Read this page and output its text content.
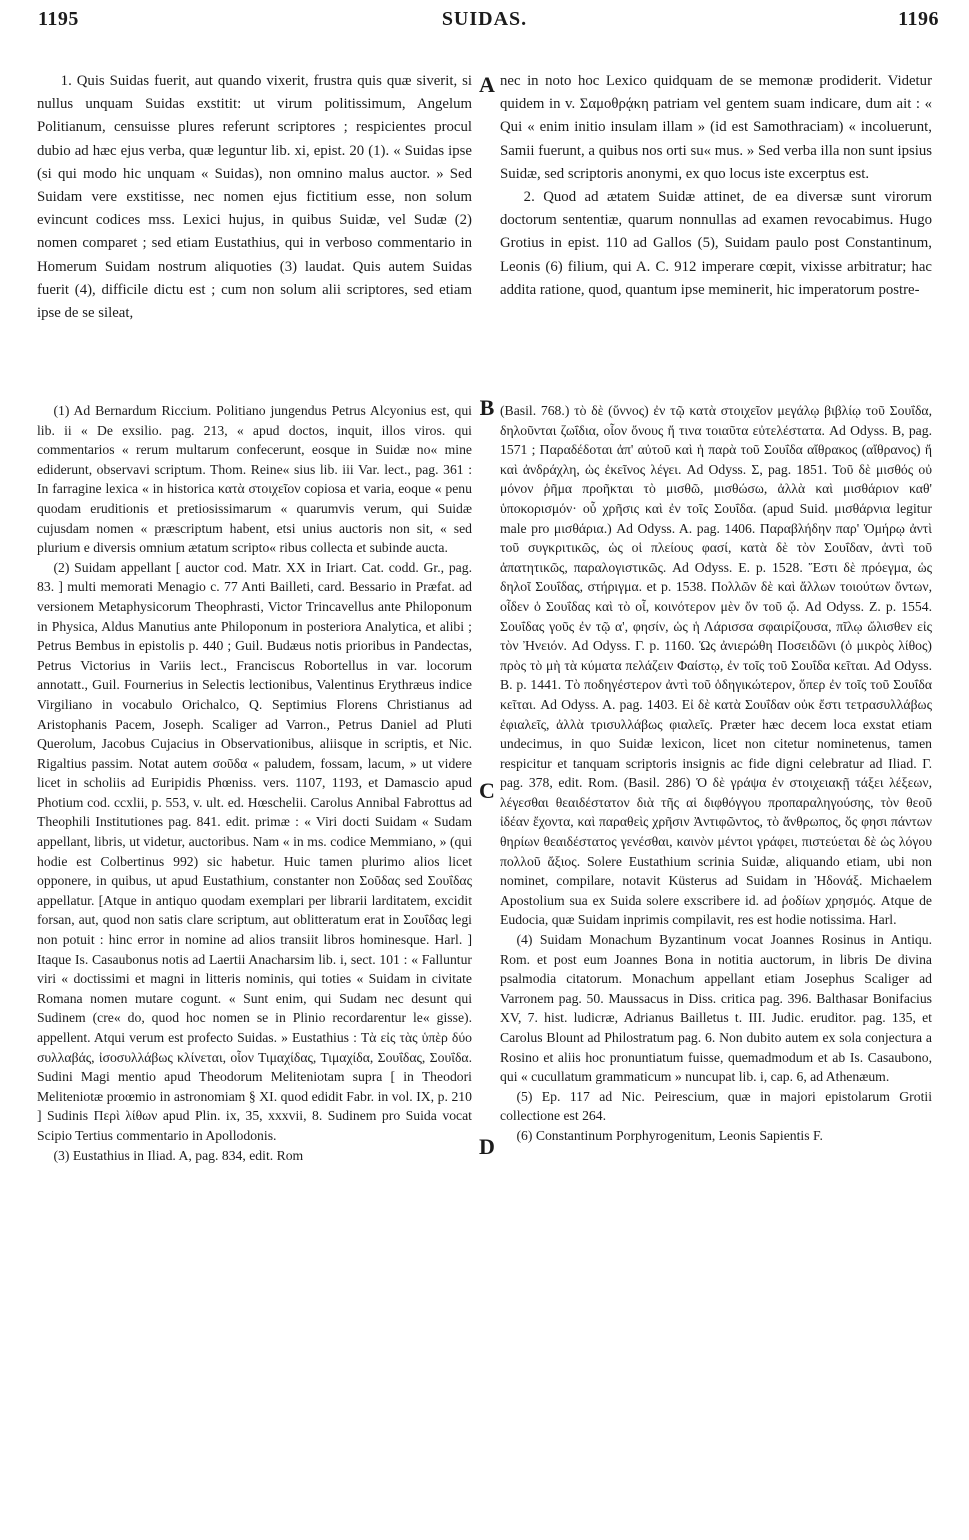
1195	SUIDAS.	1196
A
B
C
D

1. Quis Suidas fuerit, aut quando vixerit, frustra quis quæ siverit, si nullus unquam Suidas exstitit: ut virum politissimum, Angelum Politianum, censuisse plures referunt scriptores ; respicientes procul dubio ad hæc ejus verba, quæ leguntur lib. xi, epist. 20 (1). « Suidas ipse (si qui modo hic unquam « Suidas), non omnino malus auctor. » Sed Suidam vere exstitisse, nec nomen ejus fictitium esse, non solum evincunt codices mss. Lexici hujus, in quibus Suidæ, vel Sudæ (2) nomen comparet ; sed etiam Eustathius, qui in verboso commentario in Homerum Suidam nostrum aliquoties (3) laudat. Quis autem Suidas fuerit (4), difficile dictu est ; cum non solum alii scriptores, sed etiam ipse de se sileat,

nec in noto hoc Lexico quidquam de se memonæ prodiderit. Videtur quidem in v. Σαμοθρᾴκη patriam vel gentem suam indicare, dum ait : « Qui « enim initio insulam illam » (id est Samothraciam) « incoluerunt, Samii fuerunt, a quibus nos orti su« mus. » Sed verba illa non sunt ipsius Suidæ, sed scriptoris anonymi, ex quo locus iste excerptus est.

2. Quod ad ætatem Suidæ attinet, de ea diversæ sunt virorum doctorum sententiæ, quarum nonnullas ad examen revocabimus. Hugo Grotius in epist. 110 ad Gallos (5), Suidam paulo post Constantinum, Leonis (6) filium, qui A. C. 912 imperare cœpit, vixisse arbitratur; hac addita ratione, quod, quantum ipse meminerit, hic imperatorum postre-

(1) Ad Bernardum Riccium. Politiano jungendus Petrus Alcyonius est, qui lib. ii « De exsilio. pag. 213, « apud doctos, inquit, illos viros. qui commentarios « rerum multarum confecerunt, eosque in Suidæ no« mine ediderunt, observavi scriptum. Thom. Reine« sius lib. iii Var. lect., pag. 361 : In farragine lexica « in historica κατὰ στοιχεῖον copiosa et varia, eoque « penu quodam eruditionis et pretiosissimarum « quarumvis verum, qui Suidæ cujusdam nomen « præscriptum habent, etsi unius auctoris non sit, « sed plurium e diversis omnium ætatum scripto« ribus collecta et subinde aucta.

(2) Suidam appellant [ auctor cod. Matr. XX in Iriart. Cat. codd. Gr., pag. 83. ] multi memorati Menagio c. 77 Anti Bailleti, card. Bessario in Præfat. ad versionem Metaphysicorum Theophrasti, Victor Trincavellus ante Philoponum in Physica, Aldus Manutius ante Philoponum in posteriora Analytica, et alibi ; Petrus Bembus in epistolis p. 440 ; Guil. Budæus notis prioribus in Pandectas, Petrus Victorius in Variis lect., Franciscus Robortellus in var. locorum annotatt., Guil. Fournerius in Selectis lectionibus, Valentinus Erythræus indice Virgiliano in vocabulo Orichalco, Q. Septimius Florens Christianus ad Aristophanis Pacem, Joseph. Scaliger ad Varron., Petrus Daniel ad Pluti Querolum, Jacobus Cujacius in Observationibus, aliisque in scriptis, et Nic. Rigaltius passim. Notat autem σοῦδα « paludem, fossam, lacum, » ut videre licet in scholiis ad Euripidis Phœniss. vers. 1107, 1193, et Damascio apud Photium cod. ccxlii, p. 553, v. ult. ed. Hœschelii. Carolus Annibal Fabrottus ad Theophili Institutiones pag. 841. edit. primæ : « Viri docti Suidam « Sudam appellant, libris, ut videtur, auctoribus. Nam « in ms. codice Memmiano, » (qui hodie est Colbertinus 992) sic habetur. Huic tamen plurimo alios licet opponere, in quibus, ut apud Eustathium, constanter non Σοῦδας sed Σουΐδας appellatur. [Atque in antiquo quodam exemplari per librarii larditatem, excidit forsan, aut, quod non satis clare scriptum, aut oblitteratum erat in Σουΐδας legi non potuit : hinc error in nomine ad alios transiit libros hominesque. Harl. ] Itaque Is. Casaubonus notis ad Laertii Anacharsim lib. i, sect. 101 : « Falluntur viri « doctissimi et magni in litteris nominis, qui toties « Suidam in civitate Romana nomen mutare cogunt. « Sunt enim, qui Sudam nec desunt qui Sudinem (cre« do, quod hoc nomen se in Plinio recordarentur le« gisse). appellent. Atqui verum est profecto Suidas. » Eustathius : Τὰ εἰς τὰς ὑπὲρ δύο συλλαβάς, ἰσοσυλλάβως κλίνεται, οἷον Τιμαχίδας, Τιμαχίδα, Σουΐδας, Σουΐδα. Sudini Magi mentio apud Theodorum Meliteniotam supra [ in Theodori Meliteniotæ proœmio in astronomiam § XI. quod edidit Fabr. in vol. IX, p. 210 ] Sudinis Περὶ λίθων apud Plin. ix, 35, xxxvii, 8. Sudinem pro Suida vocat Scipio Tertius commentario in Apollodonis.

(3) Eustathius in Iliad. A, pag. 834, edit. Rom

(Basil. 768.) τὸ δὲ (ὕννος) ἐν τῷ κατὰ στοιχεῖον μεγάλῳ βιβλίῳ τοῦ Σουΐδα, δηλοῦνται ζωΐδια, οἷον ὄνους ἤ τινα τοιαῦτα εὐτελέστατα. Ad Odyss. B, pag. 1571 ; Παραδέδοται ἀπ' αὐτοῦ καὶ ἡ παρὰ τοῦ Σουΐδα αἴθρακος (αἴθρανος) ἤ καὶ ἀνδράχλη, ὡς ἐκεῖνος λέγει. Ad Odyss. Σ, pag. 1851. Τοῦ δὲ μισθός οὐ μόνον ῥῆμα προῆκται τὸ μισθῶ, μισθώσω, ἀλλὰ καὶ μισθάριον καθ' ὑποκορισμόν· οὗ χρῆσις καὶ ἐν τοῖς Σουΐδα. (apud Suid. μισθάρνια legitur male pro μισθάρια.) Ad Odyss. A. pag. 1406. Παραβλήδην παρ' Ὁμήρῳ ἀντὶ τοῦ συγκριτικῶς, ὡς οἱ πλείους φασί, κατὰ δὲ τὸν Σουΐδαν, ἀντὶ τοῦ ἀπατητικῶς, παραλογιστικῶς. Ad Odyss. E. p. 1528. Ἔστι δὲ πρόεγμα, ὡς δηλοῖ Σουΐδας, στήριγμα. et p. 1538. Πολλῶν δὲ καὶ ἄλλων τοιούτων ὄντων, οἶδεν ὁ Σουΐδας καὶ τὸ οἷ, κοινότερον μὲν ὄν τοῦ ᾤ. Ad Odyss. Z. p. 1554. Σουΐδας γοῦς ἐν τῷ α', φησίν, ὡς ἡ Λάρισσα σφαιρίζουσα, πῖλῳ ὤλισθεν εἰς τὸν Ἠνειόν. Ad Odyss. Γ. p. 1160. Ὡς ἀνιερώθη Ποσειδῶνι (ὁ μικρὸς λίθος) πρὸς τὸ μὴ τὰ κύματα πελάζειν Φαίστῳ, ἐν τοῖς τοῦ Σουΐδα κεῖται. Ad Odyss. B. p. 1441. Τὸ ποδηγέστερον ἀντὶ τοῦ ὁδηγικώτερον, ὅπερ ἐν τοῖς τοῦ Σουΐδα κεῖται. Ad Odyss. A. pag. 1403. Εἰ δὲ κατὰ Σουΐδαν οὐκ ἔστι τετρασυλλάβως ἐφιαλεῖς, ἀλλὰ τρισυλλάβως φιαλεῖς. Præter hæc decem loca exstat etiam undecimus, in quo Suidæ lexicon, licet non citetur nominetenus, tamen respicitur et tanquam scriptoris insignis ac fide digni celebratur ad Iliad. Γ. pag. 378, edit. Rom. (Basil. 286) Ὁ δὲ γράψα ἐν στοιχειακῇ τάξει λέξεων, λέγεσθαι θεαιδέστατον διὰ τῆς αἱ διφθόγγου προπαραληγούσης, τὸν θεοῦ ἰδέαν ἔχοντα, καὶ παραθεὶς χρῆσιν Ἀντιφῶντος, τὸ ἄνθρωπος, ὅς φησι πάντων θηρίων θεαιδέστατος γενέσθαι, καινὸν μέντοι γράφει, πιστεύεται δὲ ὡς λόγου πολλοῦ ἄξιος. Solere Eustathium scrinia Suidæ, aliquando etiam, ubi non nominet, compilare, notavit Küsterus ad Suidam in Ἠδονάξ. Michaelem Apostolium sua ex Suida solere exscribere id. ad ῥοδίων χρησμός. Atque de Eudocia, quæ Suidam inprimis compilavit, res est hodie notissima. Harl.

(4) Suidam Monachum Byzantinum vocat Joannes Rosinus in Antiqu. Rom. et post eum Joannes Bona in notitia auctorum, in libris De divina psalmodia citatorum. Monachum appellant etiam Josephus Scaliger ad Varronem pag. 50. Maussacus in Diss. critica pag. 396. Balthasar Bonifacius XV, 7. hist. ludicræ, Adrianus Bailletus t. III. Judic. eruditor. pag. 135, et Carolus Blount ad Philostratum pag. 6. Non dubito autem ex sola conjectura a Rosino et aliis hoc pronuntiatum fuisse, quemadmodum et ab Is. Casaubono, qui « cucullatum grammaticum » nuncupat lib. i, cap. 6, ad Athenæum.

(5) Ep. 117 ad Nic. Peirescium, quæ in majori epistolarum Grotii collectione est 264.

(6) Constantinum Porphyrogenitum, Leonis Sapientis F.
